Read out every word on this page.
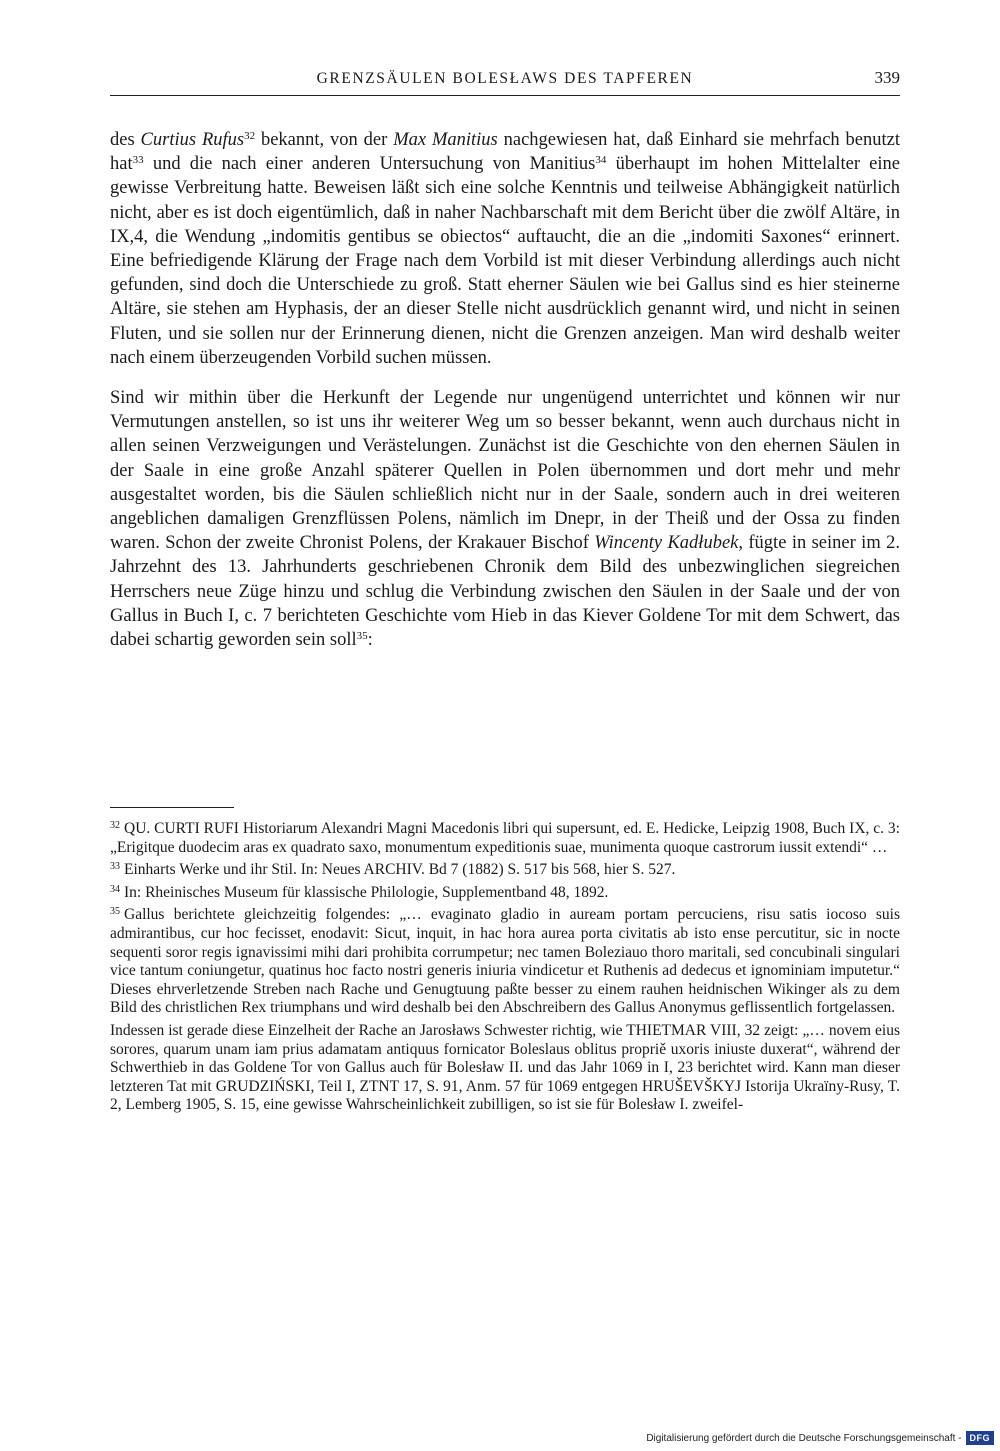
GRENZSÄULEN BOLESŁAWS DES TAPFEREN	339

des Curtius Rufus$^{32}$ bekannt, von der Max Manitius nachgewiesen hat, daß Einhard sie mehrfach benutzt hat$^{33}$ und die nach einer anderen Untersuchung von Manitius$^{34}$ überhaupt im hohen Mittelalter eine gewisse Verbreitung hatte. Beweisen läßt sich eine solche Kenntnis und teilweise Abhängigkeit natürlich nicht, aber es ist doch eigentümlich, daß in naher Nachbarschaft mit dem Bericht über die zwölf Altäre, in IX,4, die Wendung „indomitis gentibus se obiectos“ auftaucht, die an die „indomiti Saxones“ erinnert. Eine befriedigende Klärung der Frage nach dem Vorbild ist mit dieser Verbindung allerdings auch nicht gefunden, sind doch die Unterschiede zu groß. Statt eherner Säulen wie bei Gallus sind es hier steinerne Altäre, sie stehen am Hyphasis, der an dieser Stelle nicht ausdrücklich genannt wird, und nicht in seinen Fluten, und sie sollen nur der Erinnerung dienen, nicht die Grenzen anzeigen. Man wird deshalb weiter nach einem überzeugenden Vorbild suchen müssen.

Sind wir mithin über die Herkunft der Legende nur ungenügend unterrichtet und können wir nur Vermutungen anstellen, so ist uns ihr weiterer Weg um so besser bekannt, wenn auch durchaus nicht in allen seinen Verzweigungen und Verästelungen. Zunächst ist die Geschichte von den ehernen Säulen in der Saale in eine große Anzahl späterer Quellen in Polen übernommen und dort mehr und mehr ausgestaltet worden, bis die Säulen schließlich nicht nur in der Saale, sondern auch in drei weiteren angeblichen damaligen Grenzflüssen Polens, nämlich im Dnepr, in der Theiß und der Ossa zu finden waren. Schon der zweite Chronist Polens, der Krakauer Bischof Wincenty Kadłubek, fügte in seiner im 2. Jahrzehnt des 13. Jahrhunderts geschriebenen Chronik dem Bild des unbezwinglichen siegreichen Herrschers neue Züge hinzu und schlug die Verbindung zwischen den Säulen in der Saale und der von Gallus in Buch I, c. 7 berichteten Geschichte vom Hieb in das Kiever Goldene Tor mit dem Schwert, das dabei schartig geworden sein soll$^{35}$:

$^{32}$ QU. CURTI RUFI Historiarum Alexandri Magni Macedonis libri qui supersunt, ed. E. Hedicke, Leipzig 1908, Buch IX, c. 3: „Erigitque duodecim aras ex quadrato saxo, monumentum expeditionis suae, munimenta quoque castrorum iussit extendi“ …

$^{33}$ Einharts Werke und ihr Stil. In: Neues ARCHIV. Bd 7 (1882) S. 517 bis 568, hier S. 527.

$^{34}$ In: Rheinisches Museum für klassische Philologie, Supplementband 48, 1892.

$^{35}$ Gallus berichtete gleichzeitig folgendes: „… evaginato gladio in auream portam percuciens, risu satis iocoso suis admirantibus, cur hoc fecisset, enodavit: Sicut, inquit, in hac hora aurea porta civitatis ab isto ense percutitur, sic in nocte sequenti soror regis ignavissimi mihi dari prohibita corrumpetur; nec tamen Boleziauo thoro maritali, sed concubinali singulari vice tantum coniungetur, quatinus hoc facto nostri generis iniuria vindicetur et Ruthenis ad dedecus et ignominiam imputetur.“ Dieses ehrverletzende Streben nach Rache und Genugtuung paßte besser zu einem rauhen heidnischen Wikinger als zu dem Bild des christlichen Rex triumphans und wird deshalb bei den Abschreibern des Gallus Anonymus geflissentlich fortgelassen.

Indessen ist gerade diese Einzelheit der Rache an Jarosławs Schwester richtig, wie THIETMAR VIII, 32 zeigt: „… novem eius sorores, quarum unam iam prius adamatam antiquus fornicator Boleslaus oblitus propriě uxoris iniuste duxerat“, während der Schwerthieb in das Goldene Tor von Gallus auch für Bolesław II. und das Jahr 1069 in I, 23 berichtet wird. Kann man dieser letzteren Tat mit GRUDZIŃSKI, Teil I, ZTNT 17, S. 91, Anm. 57 für 1069 entgegen HRUŠEVŠKYJ Istorija Ukraïny-Rusy, T. 2, Lemberg 1905, S. 15, eine gewisse Wahrscheinlichkeit zubilligen, so ist sie für Bolesław I. zweifel-

Digitalisierung gefördert durch die Deutsche Forschungsgemeinschaft - DFG
